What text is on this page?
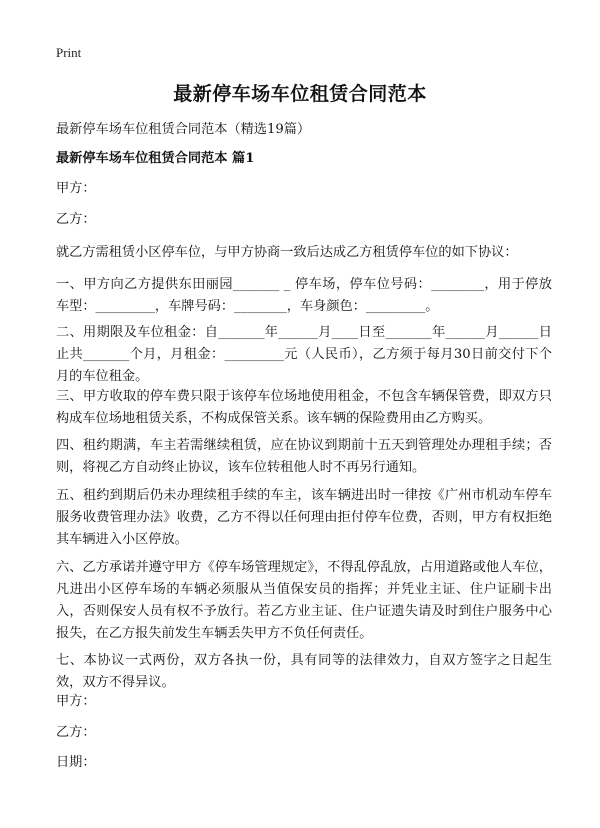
Print
最新停车场车位租赁合同范本
最新停车场车位租赁合同范本（精选19篇）
最新停车场车位租赁合同范本 篇1
甲方：
乙方：
就乙方需租赁小区停车位，与甲方协商一致后达成乙方租赁停车位的如下协议：
一、甲方向乙方提供东田丽园_______ _ 停车场，停车位号码：________，用于停放车型：_________，车牌号码：________，车身颜色：_________。
二、用期限及车位租金：自_______年______月____日至_______年______月______日止共_______个月，月租金：_________元（人民币），乙方须于每月30日前交付下个月的车位租金。
三、甲方收取的停车费只限于该停车位场地使用租金，不包含车辆保管费，即双方只构成车位场地租赁关系，不构成保管关系。该车辆的保险费用由乙方购买。
四、租约期满，车主若需继续租赁，应在协议到期前十五天到管理处办理租手续；否则，将视乙方自动终止协议，该车位转租他人时不再另行通知。
五、租约到期后仍未办理续租手续的车主，该车辆进出时一律按《广州市机动车停车服务收费管理办法》收费，乙方不得以任何理由拒付停车位费，否则，甲方有权拒绝其车辆进入小区停放。
六、乙方承诺并遵守甲方《停车场管理规定》，不得乱停乱放，占用道路或他人车位，凡进出小区停车场的车辆必须服从当值保安员的指挥；并凭业主证、住户证刷卡出入，否则保安人员有权不予放行。若乙方业主证、住户证遗失请及时到住户服务中心报失，在乙方报失前发生车辆丢失甲方不负任何责任。
七、本协议一式两份，双方各执一份，具有同等的法律效力，自双方签字之日起生效，双方不得异议。
甲方：
乙方：
日期：
